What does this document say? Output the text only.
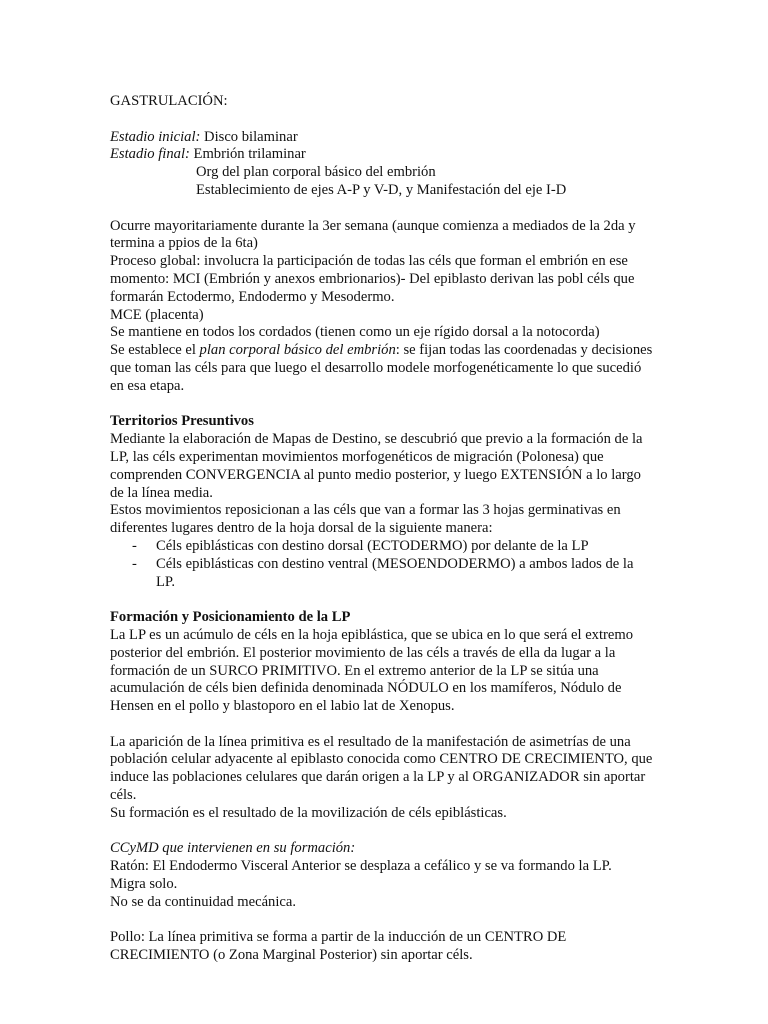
GASTRULACIÓN:
Estadio inicial: Disco bilaminar
Estadio final: Embrión trilaminar
Org del plan corporal básico del embrión
Establecimiento de ejes A-P y V-D, y Manifestación del eje I-D

Ocurre mayoritariamente durante la 3er semana (aunque comienza a mediados de la 2da y termina a ppios de la 6ta)

Proceso global: involucra la participación de todas las céls que forman el embrión en ese momento: MCI (Embrión y anexos embrionarios)- Del epiblasto derivan las pobl céls que formarán Ectodermo, Endodermo y Mesodermo.

MCE (placenta)

Se mantiene en todos los cordados (tienen como un eje rígido dorsal a la notocorda)

Se establece el plan corporal básico del embrión: se fijan todas las coordenadas y decisiones que toman las céls para que luego el desarrollo modele morfogenéticamente lo que sucedió en esa etapa.

Territorios Presuntivos

Mediante la elaboración de Mapas de Destino, se descubrió que previo a la formación de la LP, las céls experimentan movimientos morfogenéticos de migración (Polonesa) que comprenden CONVERGENCIA al punto medio posterior, y luego EXTENSIÓN a lo largo de la línea media.

Estos movimientos reposicionan a las céls que van a formar las 3 hojas germinativas en diferentes lugares dentro de la hoja dorsal de la siguiente manera:

- Céls epiblásticas con destino dorsal (ECTODERMO) por delante de la LP
- Céls epiblásticas con destino ventral (MESOENDODERMO) a ambos lados de la LP.

Formación y Posicionamiento de la LP

La LP es un acúmulo de céls en la hoja epiblástica, que se ubica en lo que será el extremo posterior del embrión. El posterior movimiento de las céls a través de ella da lugar a la formación de un SURCO PRIMITIVO. En el extremo anterior de la LP se sitúa una acumulación de céls bien definida denominada NÓDULO en los mamíferos, Nódulo de Hensen en el pollo y blastoporo en el labio lat de Xenopus.

La aparición de la línea primitiva es el resultado de la manifestación de asimetrías de una población celular adyacente al epiblasto conocida como CENTRO DE CRECIMIENTO, que induce las poblaciones celulares que darán origen a la LP y al ORGANIZADOR sin aportar céls.

Su formación es el resultado de la movilización de céls epiblásticas.

CCyMD que intervienen en su formación:

Ratón: El Endodermo Visceral Anterior se desplaza a cefálico y se va formando la LP.

Migra solo.

No se da continuidad mecánica.

Pollo: La línea primitiva se forma a partir de la inducción de un CENTRO DE CRECIMIENTO (o Zona Marginal Posterior) sin aportar céls.
